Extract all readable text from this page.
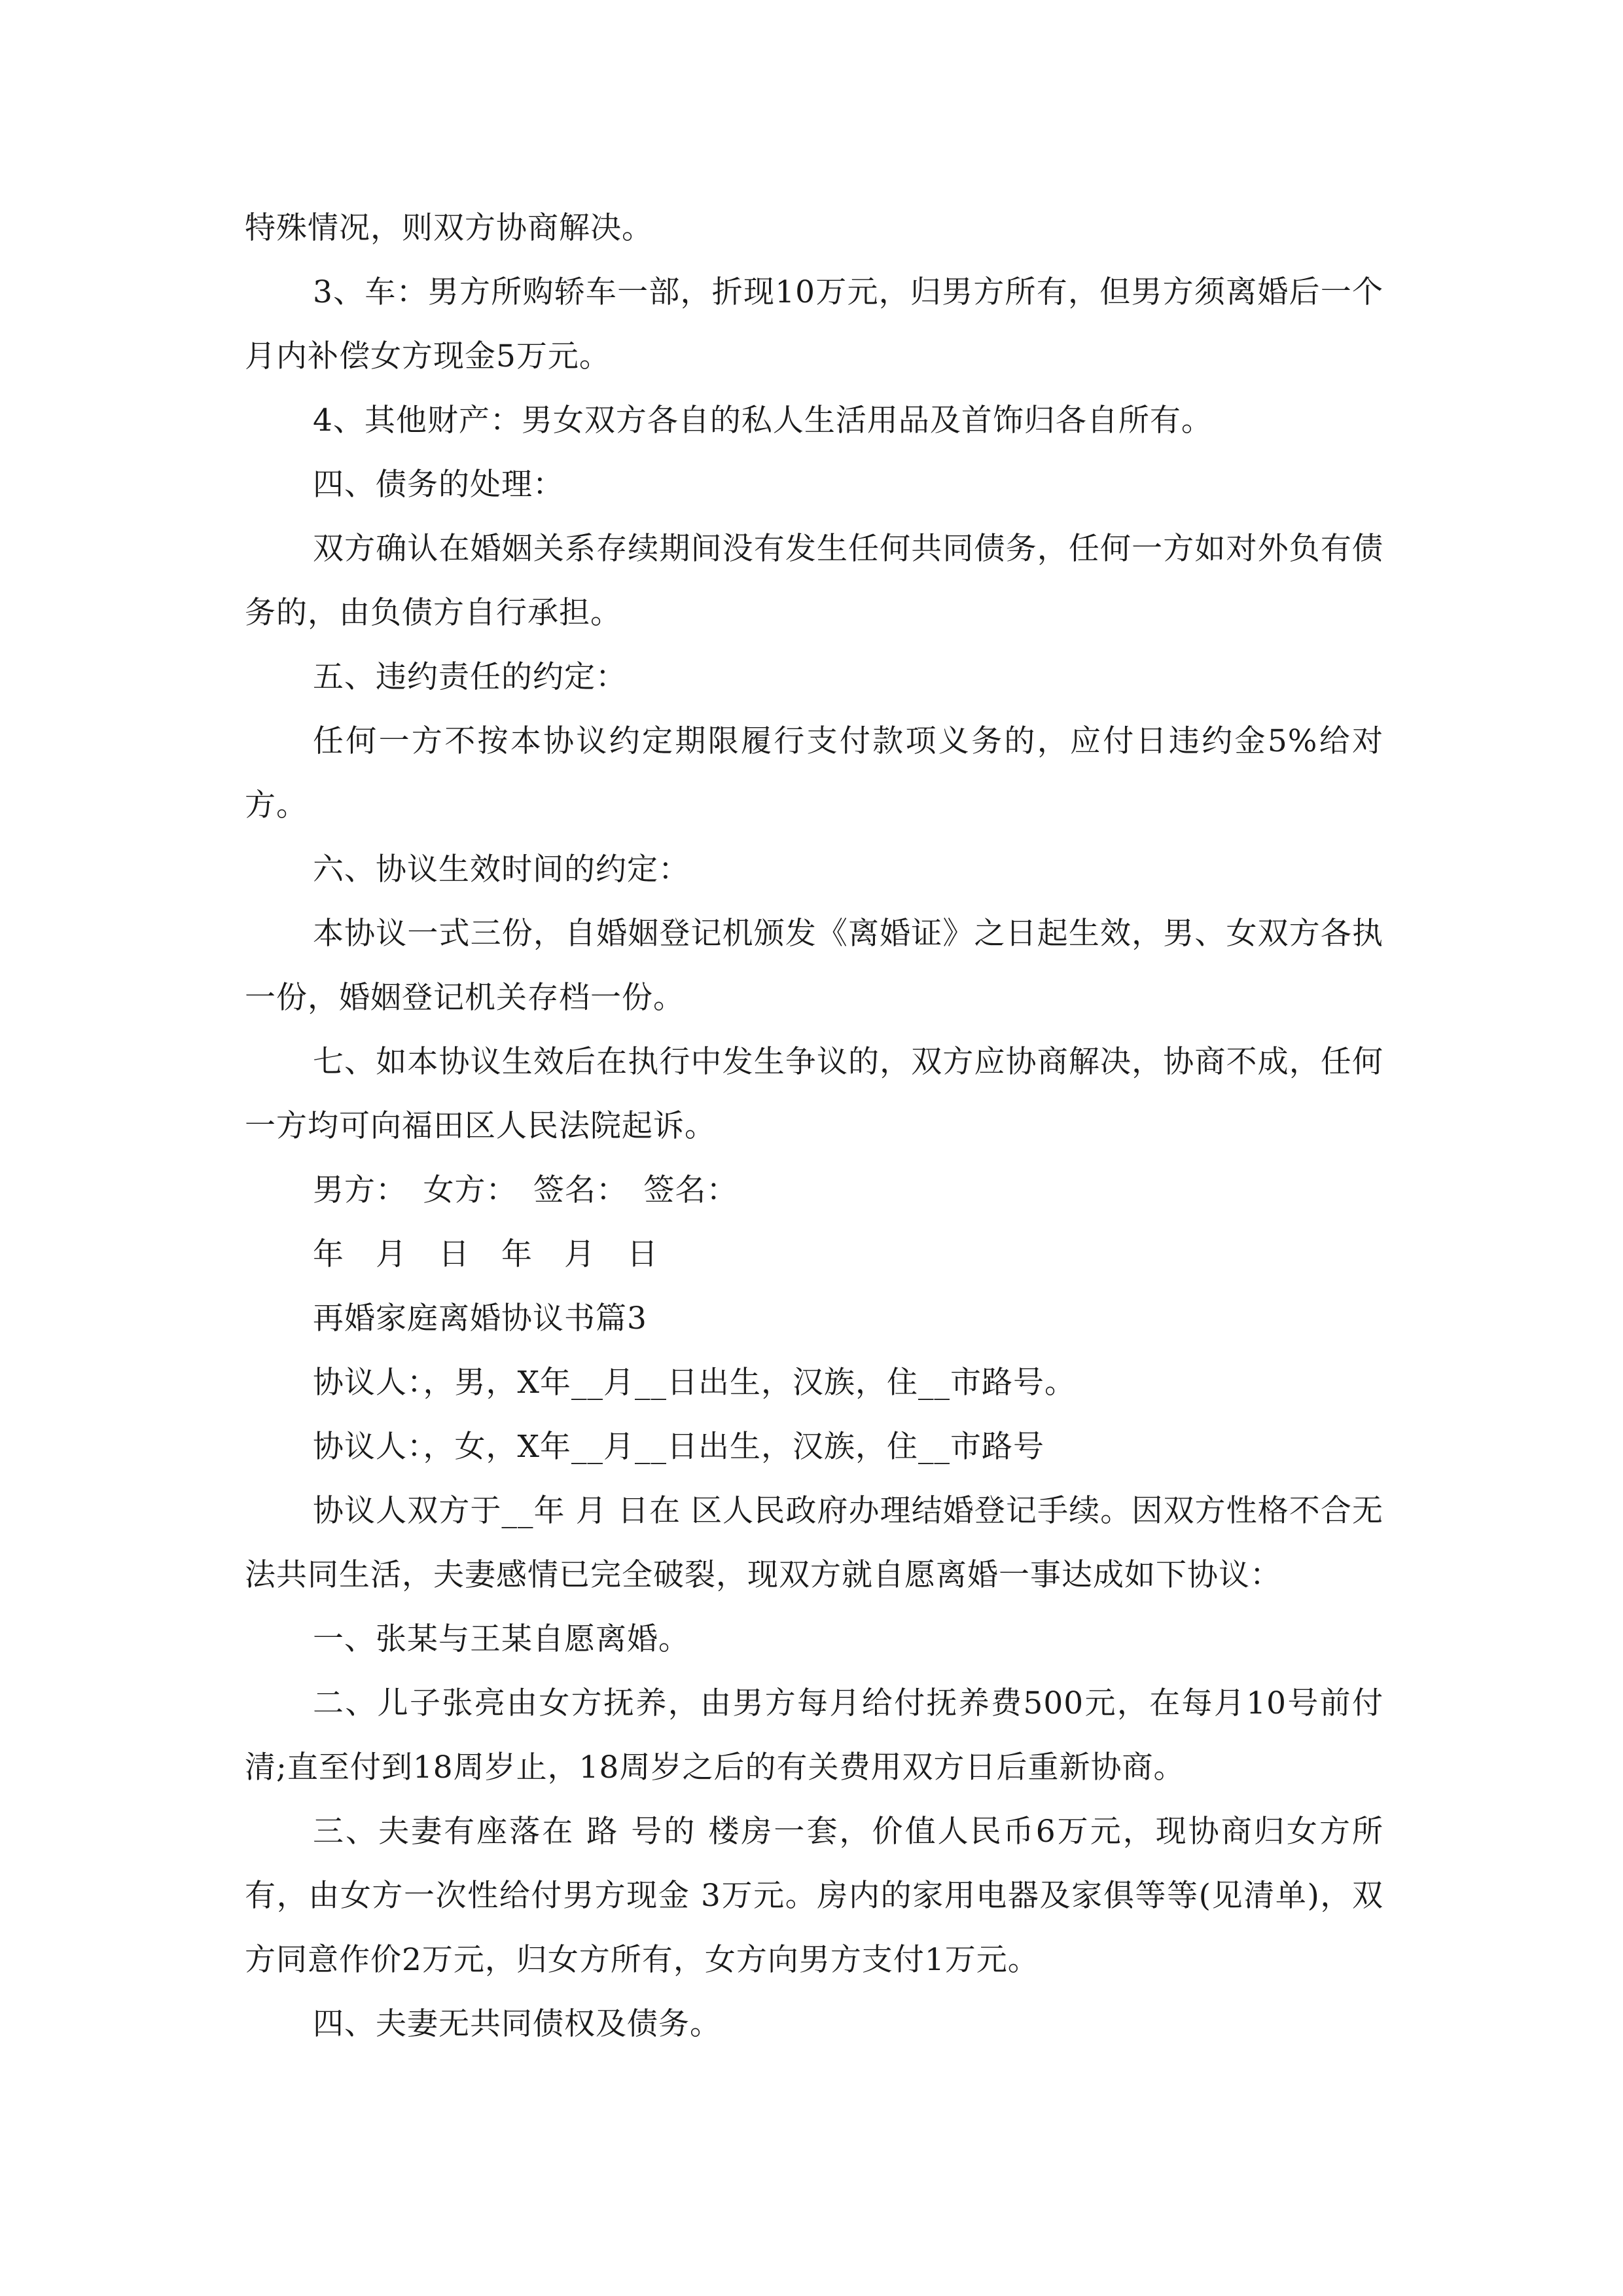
特殊情况，则双方协商解决。

3、车：男方所购轿车一部，折现10万元，归男方所有，但男方须离婚后一个月内补偿女方现金5万元。

4、其他财产：男女双方各自的私人生活用品及首饰归各自所有。

四、债务的处理：

双方确认在婚姻关系存续期间没有发生任何共同债务，任何一方如对外负有债务的，由负债方自行承担。

五、违约责任的约定：

任何一方不按本协议约定期限履行支付款项义务的，应付日违约金5%给对方。

六、协议生效时间的约定：

本协议一式三份，自婚姻登记机颁发《离婚证》之日起生效，男、女双方各执一份，婚姻登记机关存档一份。

七、如本协议生效后在执行中发生争议的，双方应协商解决，协商不成，任何一方均可向福田区人民法院起诉。

男方：　女方：　签名：　签名：

年　月　日　年　月　日

再婚家庭离婚协议书篇3

协议人：，男，X年__月__日出生，汉族，住__市路号。

协议人：，女，X年__月__日出生，汉族，住__市路号

协议人双方于__年 月 日在 区人民政府办理结婚登记手续。因双方性格不合无法共同生活，夫妻感情已完全破裂，现双方就自愿离婚一事达成如下协议：

一、张某与王某自愿离婚。

二、儿子张亮由女方抚养，由男方每月给付抚养费500元，在每月10号前付清;直至付到18周岁止，18周岁之后的有关费用双方日后重新协商。

三、夫妻有座落在 路 号的 楼房一套，价值人民币6万元，现协商归女方所有，由女方一次性给付男方现金 3万元。房内的家用电器及家俱等等(见清单)，双方同意作价2万元，归女方所有，女方向男方支付1万元。

四、夫妻无共同债权及债务。
